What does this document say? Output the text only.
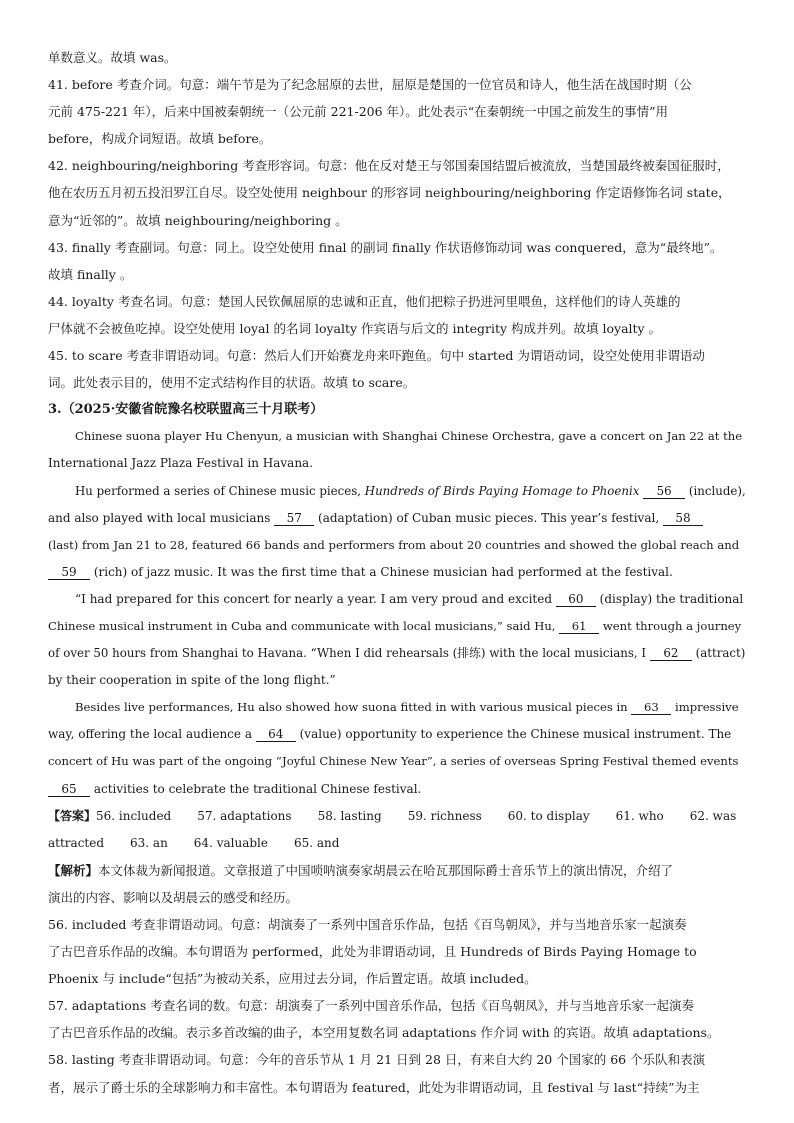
单数意义。故填 was。
41. before 考查介词。句意：端午节是为了纪念屈原的去世，屈原是楚国的一位官员和诗人，他生活在战国时期（公
元前 475-221 年），后来中国被秦朝统一（公元前 221-206 年）。此处表示“在秦朝统一中国之前发生的事情”用
before，构成介词短语。故填 before。
42. neighbouring/neighboring 考查形容词。句意：他在反对楚王与邻国秦国结盟后被流放，当楚国最终被秦国征服时，
他在农历五月初五投汨罗江自尽。设空处使用 neighbour 的形容词 neighbouring/neighboring 作定语修饰名词 state，
意为“近邻的”。故填 neighbouring/neighboring 。
43. finally 考查副词。句意：同上。设空处使用 final 的副词 finally 作状语修饰动词 was conquered，意为“最终地”。
故填 finally 。
44. loyalty 考查名词。句意：楚国人民钦佩屈原的忠诚和正直，他们把粽子扔进河里喂鱼，这样他们的诗人英雄的
尸体就不会被鱼吃掉。设空处使用 loyal 的名词 loyalty 作宾语与后文的 integrity 构成并列。故填 loyalty 。
45. to scare 考查非谓语动词。句意：然后人们开始赛龙舟来吓跑鱼。句中 started 为谓语动词，设空处使用非谓语动
词。此处表示目的，使用不定式结构作目的状语。故填 to scare。
3.（2025·安徽省皖豫名校联盟高三十月联考）
Chinese suona player Hu Chenyun, a musician with Shanghai Chinese Orchestra, gave a concert on Jan 22 at the
International Jazz Plaza Festival in Havana.
Hu performed a series of Chinese music pieces, Hundreds of Birds Paying Homage to Phoenix 56 (include),
and also played with local musicians 57 (adaptation) of Cuban music pieces. This year’s festival, 58
(last) from Jan 21 to 28, featured 66 bands and performers from about 20 countries and showed the global reach and
59 (rich) of jazz music. It was the first time that a Chinese musician had performed at the festival.
“I had prepared for this concert for nearly a year. I am very proud and excited 60 (display) the traditional
Chinese musical instrument in Cuba and communicate with local musicians,” said Hu, 61 went through a journey
of over 50 hours from Shanghai to Havana. “When I did rehearsals (排练) with the local musicians, I 62 (attract)
by their cooperation in spite of the long flight.”
Besides live performances, Hu also showed how suona fitted in with various musical pieces in 63 impressive
way, offering the local audience a 64 (value) opportunity to experience the Chinese musical instrument. The
concert of Hu was part of the ongoing “Joyful Chinese New Year”, a series of overseas Spring Festival themed events
65 activities to celebrate the traditional Chinese festival.
【答案】 56. included 57. adaptations 58. lasting 59. richness 60. to display 61. who 62. was
attracted 63. an 64. valuable 65. and
【解析】本文体裁为新闻报道。文章报道了中国唢呐演奏家胡晨云在哈瓦那国际爵士音乐节上的演出情况，介绍了
演出的内容、影响以及胡晨云的感受和经历。
56. included 考查非谓语动词。句意：胡演奏了一系列中国音乐作品，包括《百鸟朝凤》，并与当地音乐家一起演奏
了古巴音乐作品的改编。本句谓语为 performed，此处为非谓语动词，且 Hundreds of Birds Paying Homage to
Phoenix 与 include“包括”为被动关系，应用过去分词，作后置定语。故填 included。
57. adaptations 考查名词的数。句意：胡演奏了一系列中国音乐作品，包括《百鸟朝凤》，并与当地音乐家一起演奏
了古巴音乐作品的改编。表示多首改编的曲子，本空用复数名词 adaptations 作介词 with 的宾语。故填 adaptations。
58. lasting 考查非谓语动词。句意：今年的音乐节从 1 月 21 日到 28 日，有来自大约 20 个国家的 66 个乐队和表演
者，展示了爵士乐的全球影响力和丰富性。本句谓语为 featured，此处为非谓语动词，且 festival 与 last“持续”为主
